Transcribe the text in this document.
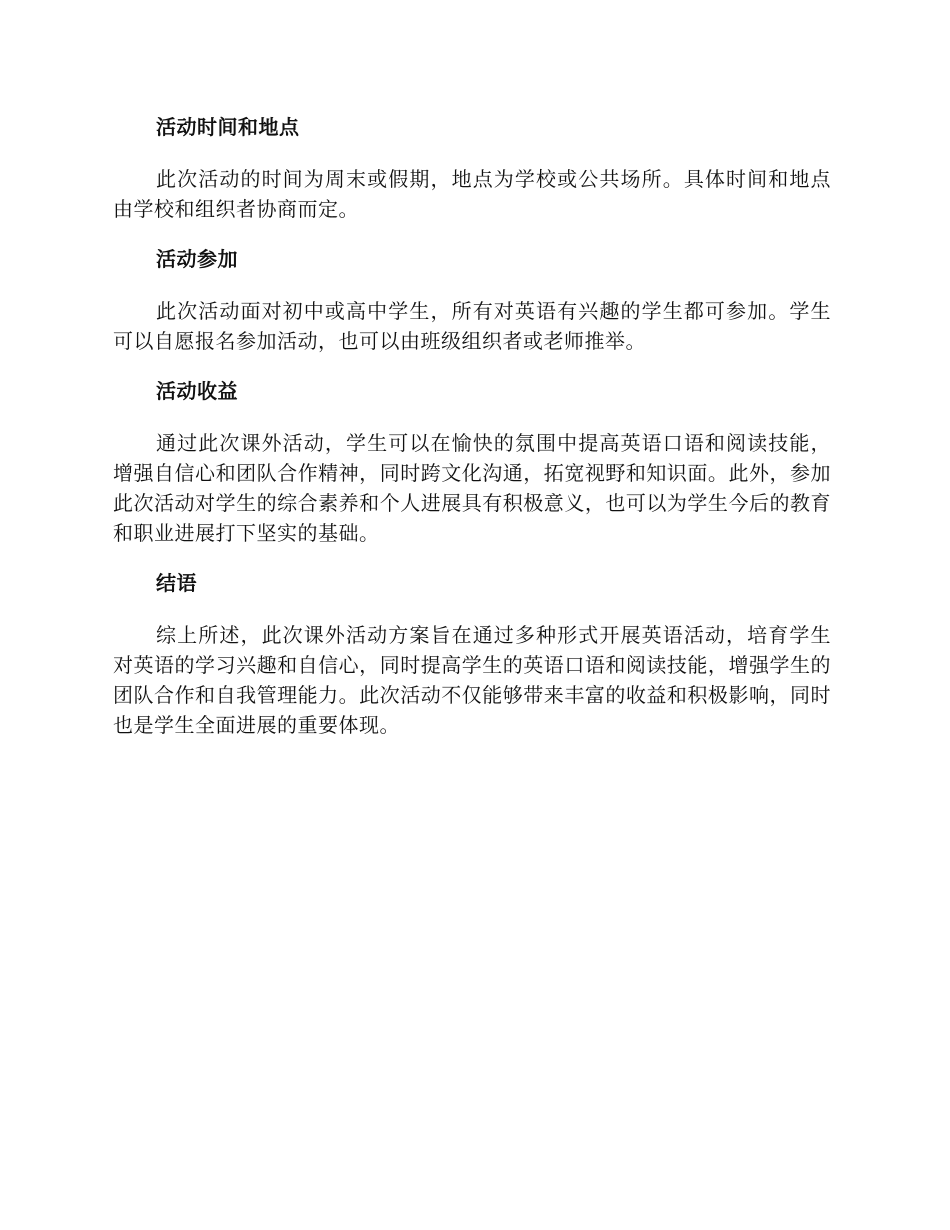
活动时间和地点

此次活动的时间为周末或假期，地点为学校或公共场所。具体时间和地点由学校和组织者协商而定。

活动参加

此次活动面对初中或高中学生，所有对英语有兴趣的学生都可参加。学生可以自愿报名参加活动，也可以由班级组织者或老师推举。

活动收益

通过此次课外活动，学生可以在愉快的氛围中提高英语口语和阅读技能，增强自信心和团队合作精神，同时跨文化沟通，拓宽视野和知识面。此外，参加此次活动对学生的综合素养和个人进展具有积极意义，也可以为学生今后的教育和职业进展打下坚实的基础。

结语

综上所述，此次课外活动方案旨在通过多种形式开展英语活动，培育学生对英语的学习兴趣和自信心，同时提高学生的英语口语和阅读技能，增强学生的团队合作和自我管理能力。此次活动不仅能够带来丰富的收益和积极影响，同时也是学生全面进展的重要体现。
